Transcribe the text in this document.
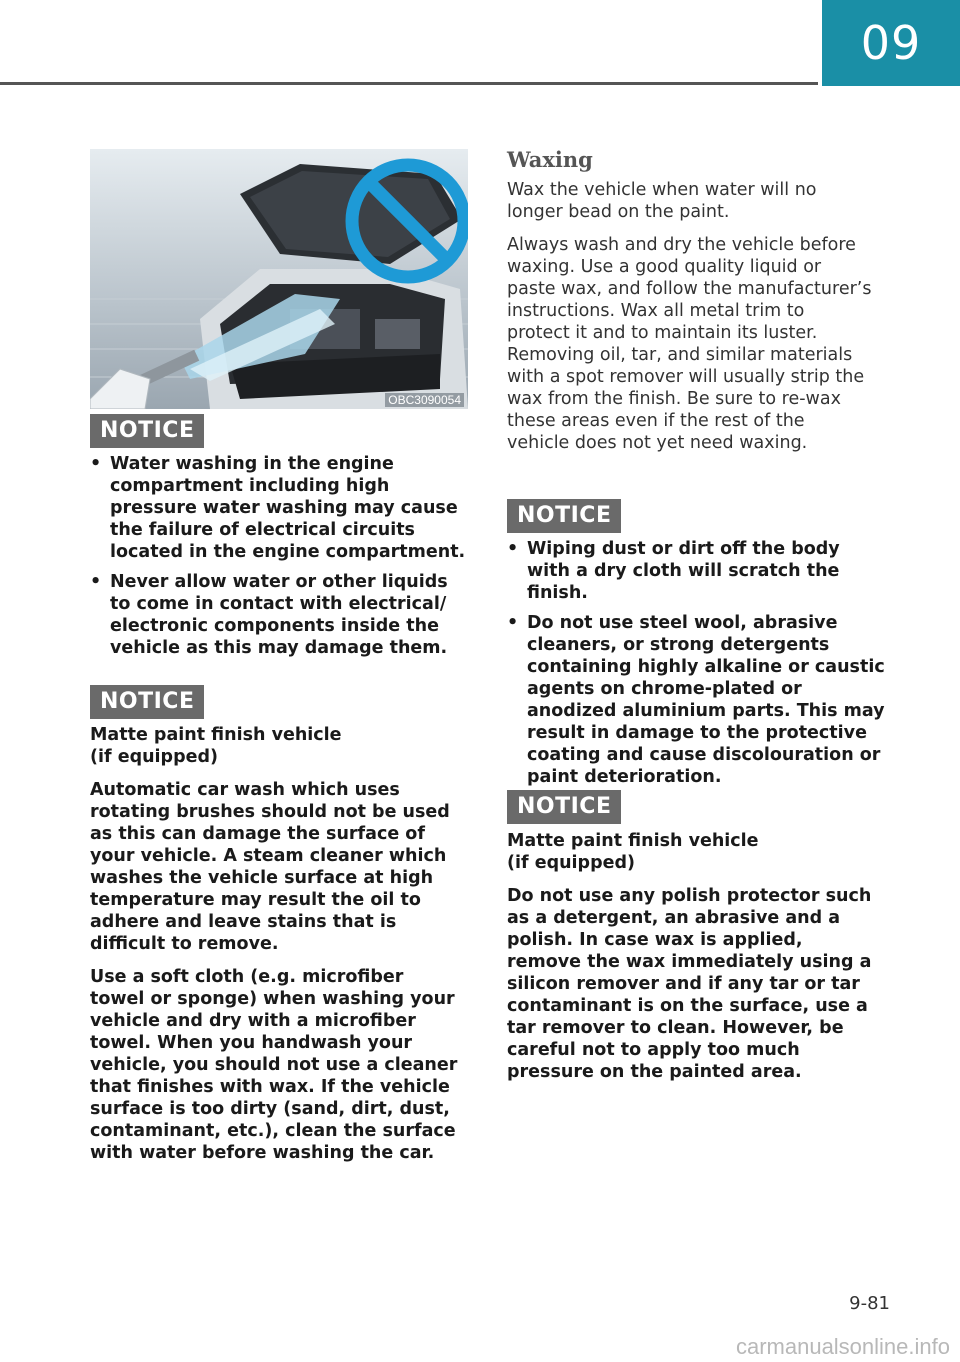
09
OBC3090054
NOTICE
• Water washing in the engine compartment including high pressure water washing may cause the failure of electrical circuits located in the engine compartment.
• Never allow water or other liquids to come in contact with electrical/ electronic components inside the vehicle as this may damage them.
NOTICE

Matte paint finish vehicle (if equipped)

Automatic car wash which uses rotating brushes should not be used as this can damage the surface of your vehicle. A steam cleaner which washes the vehicle surface at high temperature may result the oil to adhere and leave stains that is difficult to remove.

Use a soft cloth (e.g. microfiber towel or sponge) when washing your vehicle and dry with a microfiber towel. When you handwash your vehicle, you should not use a cleaner that finishes with wax. If the vehicle surface is too dirty (sand, dirt, dust, contaminant, etc.), clean the surface with water before washing the car.

Waxing

Wax the vehicle when water will no longer bead on the paint.

Always wash and dry the vehicle before waxing. Use a good quality liquid or paste wax, and follow the manufacturer’s instructions. Wax all metal trim to protect it and to maintain its luster. Removing oil, tar, and similar materials with a spot remover will usually strip the wax from the finish. Be sure to re-wax these areas even if the rest of the vehicle does not yet need waxing.

NOTICE
• Wiping dust or dirt off the body with a dry cloth will scratch the finish.
• Do not use steel wool, abrasive cleaners, or strong detergents containing highly alkaline or caustic agents on chrome-plated or anodized aluminium parts. This may result in damage to the protective coating and cause discolouration or paint deterioration.
NOTICE

Matte paint finish vehicle (if equipped)

Do not use any polish protector such as a detergent, an abrasive and a polish. In case wax is applied, remove the wax immediately using a silicon remover and if any tar or tar contaminant is on the surface, use a tar remover to clean. However, be careful not to apply too much pressure on the painted area.

9-81
carmanualsonline.info
